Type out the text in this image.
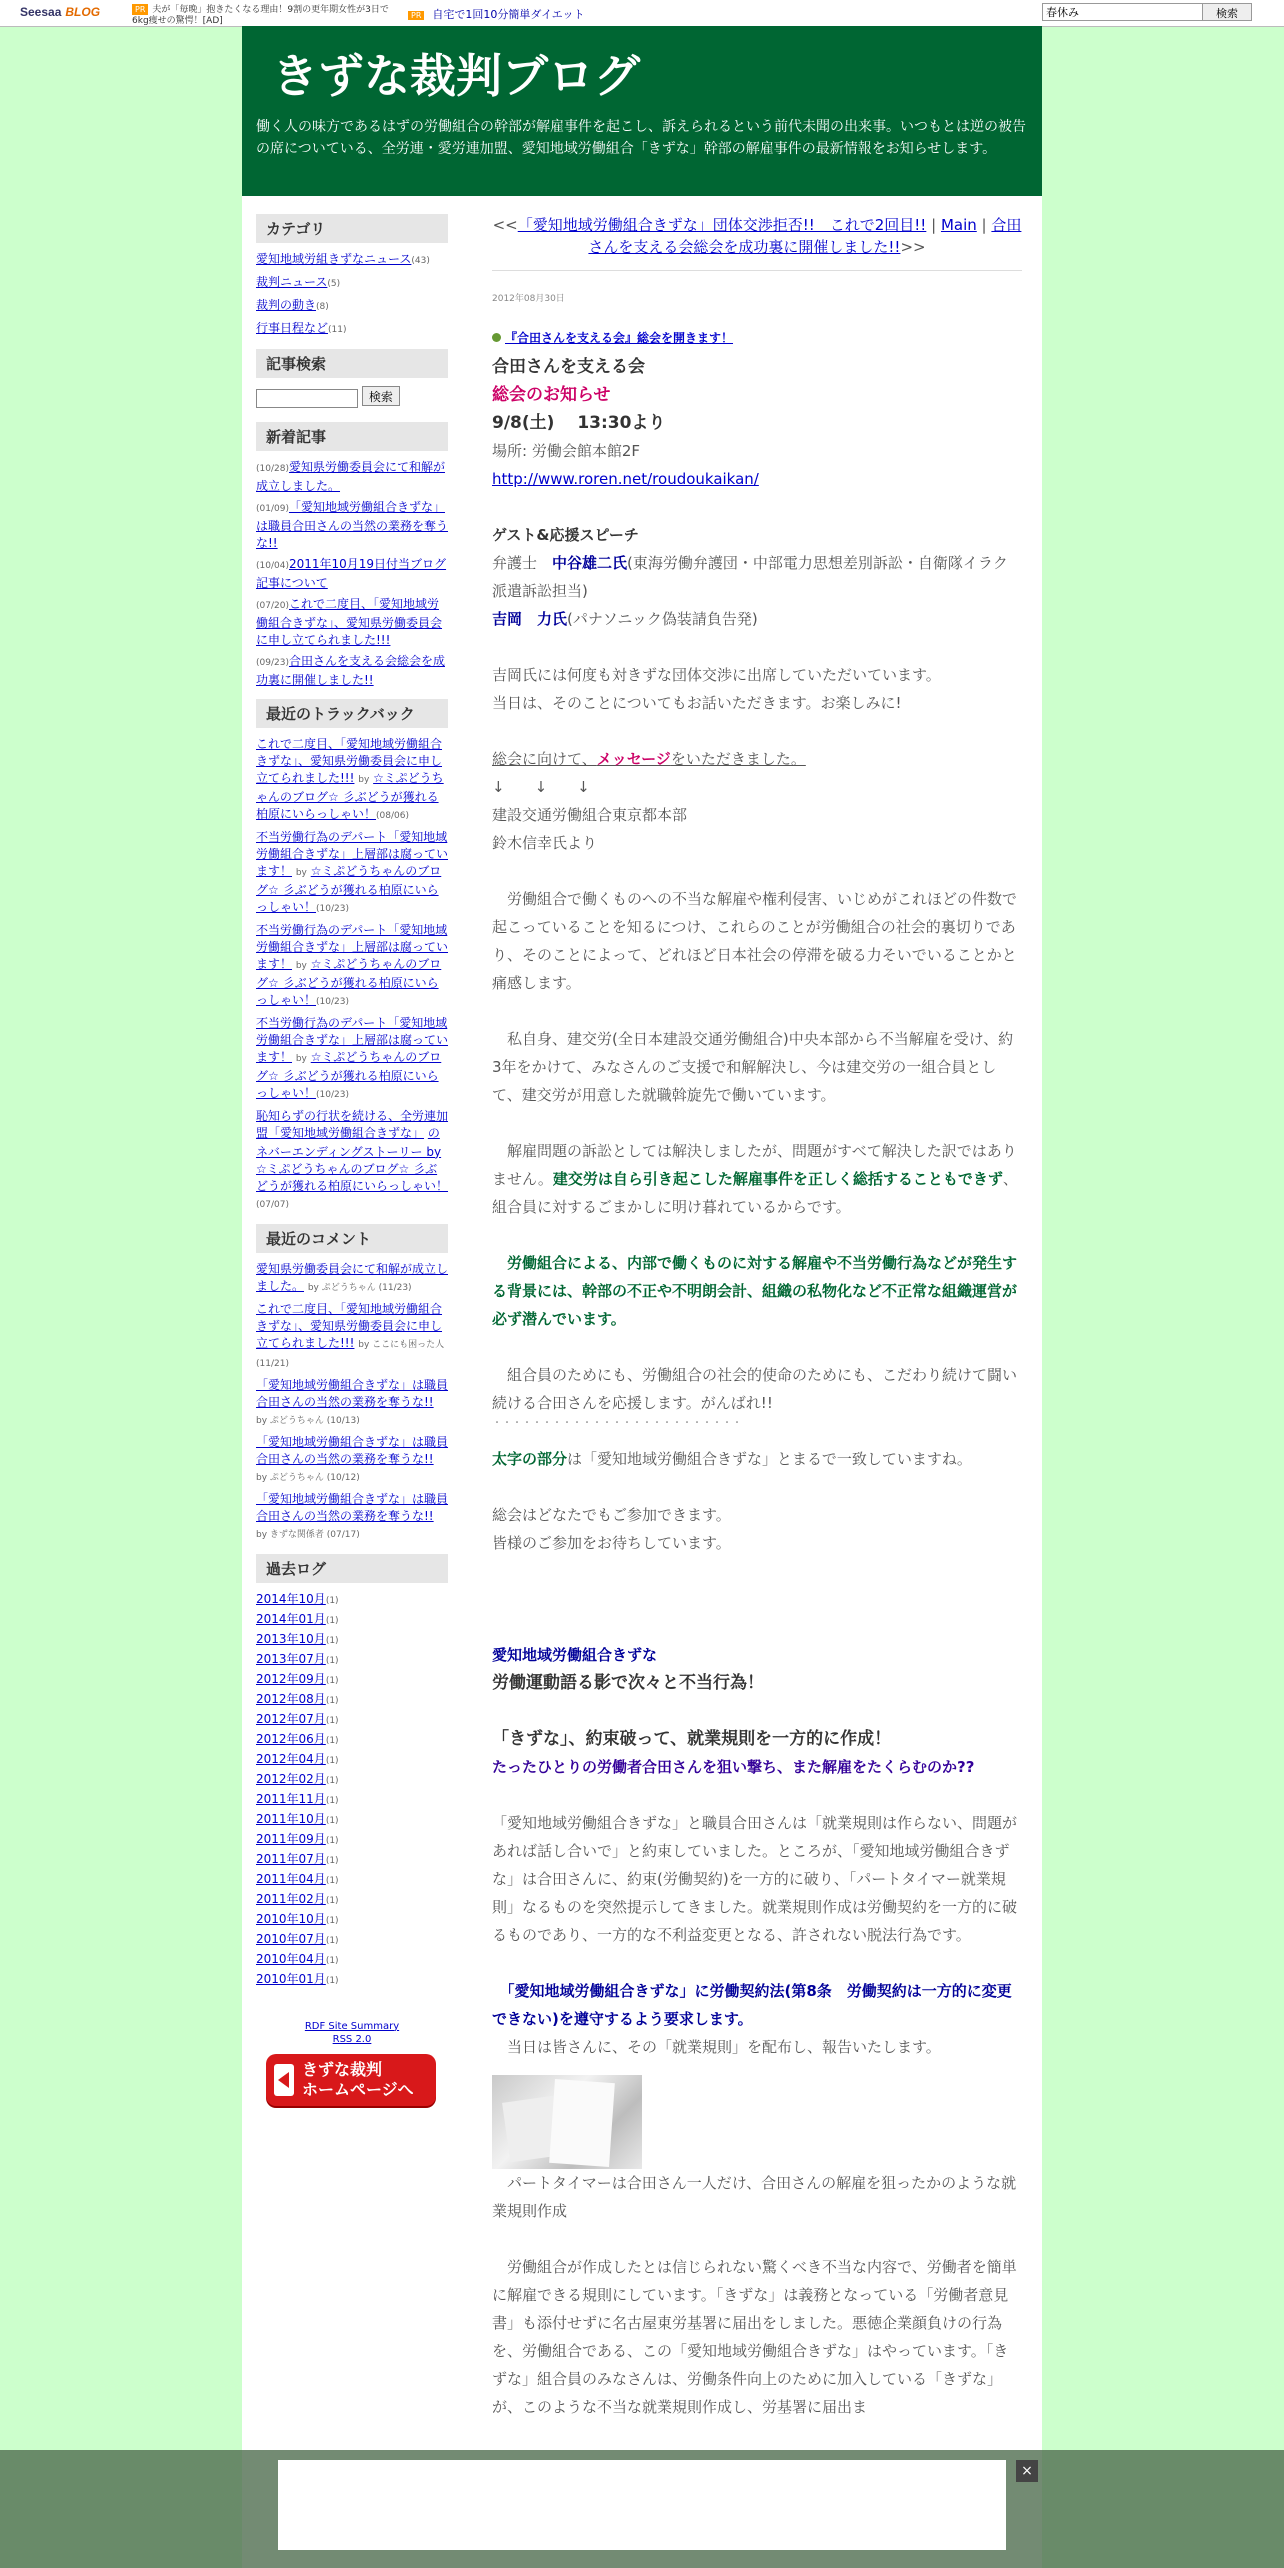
Seesaa BLOG	PR 夫が「毎晩」抱きたくなる理由！9割の更年期女性が3日で6kg痩せの驚愕！[AD]
PR 自宅で1回10分簡単ダイエット
春休み	検索
きずな裁判ブログ
働く人の味方であるはずの労働組合の幹部が解雇事件を起こし、訴えられるという前代未聞の出来事。いつもとは逆の被告の席についている、全労連・愛労連加盟、愛知地域労働組合「きずな」幹部の解雇事件の最新情報をお知らせします。
カテゴリ
愛知地域労組きずなニュース(43)
裁判ニュース(5)
裁判の動き(8)
行事日程など(11)
記事検索
検索
新着記事
(10/28)愛知県労働委員会にて和解が成立しました。
(01/09)「愛知地域労働組合きずな」は職員合田さんの当然の業務を奪うな!!
(10/04)2011年10月19日付当ブログ記事について
(07/20)これで二度目、「愛知地域労働組合きずな」、愛知県労働委員会に申し立てられました!!!
(09/23)合田さんを支える会総会を成功裏に開催しました!!
最近のトラックバック
これで二度目、「愛知地域労働組合きずな」、愛知県労働委員会に申し立てられました!!! by ☆ミぷどうちゃんのブログ☆ 彡ぶどうが獲れる柏原にいらっしゃい！(08/06)
不当労働行為のデパート「愛知地域労働組合きずな」上層部は腐っています！ by ☆ミぷどうちゃんのブログ☆ 彡ぶどうが獲れる柏原にいらっしゃい！(10/23)
不当労働行為のデパート「愛知地域労働組合きずな」上層部は腐っています！ by ☆ミぷどうちゃんのブログ☆ 彡ぶどうが獲れる柏原にいらっしゃい！(10/23)
不当労働行為のデパート「愛知地域労働組合きずな」上層部は腐っています！ by ☆ミぷどうちゃんのブログ☆ 彡ぶどうが獲れる柏原にいらっしゃい！(10/23)
恥知らずの行状を続ける、全労連加盟「愛知地域労働組合きずな」 のネバーエンディングストーリー by ☆ミぷどうちゃんのブログ☆ 彡ぶどうが獲れる柏原にいらっしゃい！(07/07)
最近のコメント
愛知県労働委員会にて和解が成立しました。 by ぷどうちゃん (11/23)
これで二度目、「愛知地域労働組合きずな」、愛知県労働委員会に申し立てられました!!! by ここにも困った人 (11/21)
「愛知地域労働組合きずな」は職員合田さんの当然の業務を奪うな!! by ぷどうちゃん (10/13)
「愛知地域労働組合きずな」は職員合田さんの当然の業務を奪うな!! by ぷどうちゃん (10/12)
「愛知地域労働組合きずな」は職員合田さんの当然の業務を奪うな!! by きずな関係者 (07/17)
過去ログ
2014年10月(1)
2014年01月(1)
2013年10月(1)
2013年07月(1)
2012年09月(1)
2012年08月(1)
2012年07月(1)
2012年06月(1)
2012年04月(1)
2012年02月(1)
2011年11月(1)
2011年10月(1)
2011年09月(1)
2011年07月(1)
2011年04月(1)
2011年02月(1)
2010年10月(1)
2010年07月(1)
2010年04月(1)
2010年01月(1)
RDF Site Summary
RSS 2.0
きずな裁判
ホームページへ
<<「愛知地域労働組合きずな」団体交渉拒否!!　これで2回目!! | Main | 合田さんを支える会総会を成功裏に開催しました!!>>
2012年08月30日
『合田さんを支える会』総会を開きます！

合田さんを支える会

総会のお知らせ

9/8(土)　 13:30より

場所: 労働会館本館2F

http://www.roren.net/roudoukaikan/

ゲスト&応援スピーチ

弁護士　中谷雄二氏(東海労働弁護団・中部電力思想差別訴訟・自衛隊イラク派遣訴訟担当)

吉岡　力氏(パナソニック偽装請負告発)

吉岡氏には何度も対きずな団体交渉に出席していただいています。

当日は、そのことについてもお話いただきます。お楽しみに!

総会に向けて、メッセージをいただきました。

↓　　↓　　↓

建設交通労働組合東京都本部

鈴木信幸氏より

　労働組合で働くものへの不当な解雇や権利侵害、いじめがこれほどの件数で起こっていることを知るにつけ、これらのことが労働組合の社会的裏切りであり、そのことによって、どれほど日本社会の停滞を破る力そいでいることかと痛感します。

　私自身、建交労(全日本建設交通労働組合)中央本部から不当解雇を受け、約3年をかけて、みなさんのご支援で和解解決し、今は建交労の一組合員として、建交労が用意した就職斡旋先で働いています。

　解雇問題の訴訟としては解決しましたが、問題がすべて解決した訳ではありません。建交労は自ら引き起こした解雇事件を正しく総括することもできず、組合員に対するごまかしに明け暮れているからです。

　労働組合による、内部で働くものに対する解雇や不当労働行為などが発生する背景には、幹部の不正や不明朗会計、組織の私物化など不正常な組織運営が必ず潜んでいます。

　組合員のためにも、労働組合の社会的使命のためにも、こだわり続けて闘い続ける合田さんを応援します。がんばれ!!

・・・・・・・・・・・・・・・・・・・・・・・・・

太字の部分は「愛知地域労働組合きずな」とまるで一致していますね。

総会はどなたでもご参加できます。

皆様のご参加をお待ちしています。

愛知地域労働組合きずな

労働運動語る影で次々と不当行為！

「きずな」、約束破って、就業規則を一方的に作成！

たったひとりの労働者合田さんを狙い撃ち、また解雇をたくらむのか??

「愛知地域労働組合きずな」と職員合田さんは「就業規則は作らない、問題があれば話し合いで」と約束していました。ところが、「愛知地域労働組合きずな」は合田さんに、約束(労働契約)を一方的に破り、「パートタイマー就業規則」なるものを突然提示してきました。就業規則作成は労働契約を一方的に破るものであり、一方的な不利益変更となる、許されない脱法行為です。

　「愛知地域労働組合きずな」に労働契約法(第8条　労働契約は一方的に変更できない)を遵守するよう要求します。

　当日は皆さんに、その「就業規則」を配布し、報告いたします。

　パートタイマーは合田さん一人だけ、合田さんの解雇を狙ったかのような就業規則作成

　労働組合が作成したとは信じられない驚くべき不当な内容で、労働者を簡単に解雇できる規則にしています。「きずな」は義務となっている「労働者意見書」も添付せずに名古屋東労基署に届出をしました。悪徳企業顔負けの行為を、労働組合である、この「愛知地域労働組合きずな」はやっています。「きずな」組合員のみなさんは、労働条件向上のために加入している「きずな」が、このような不当な就業規則作成し、労基署に届出ま

×
